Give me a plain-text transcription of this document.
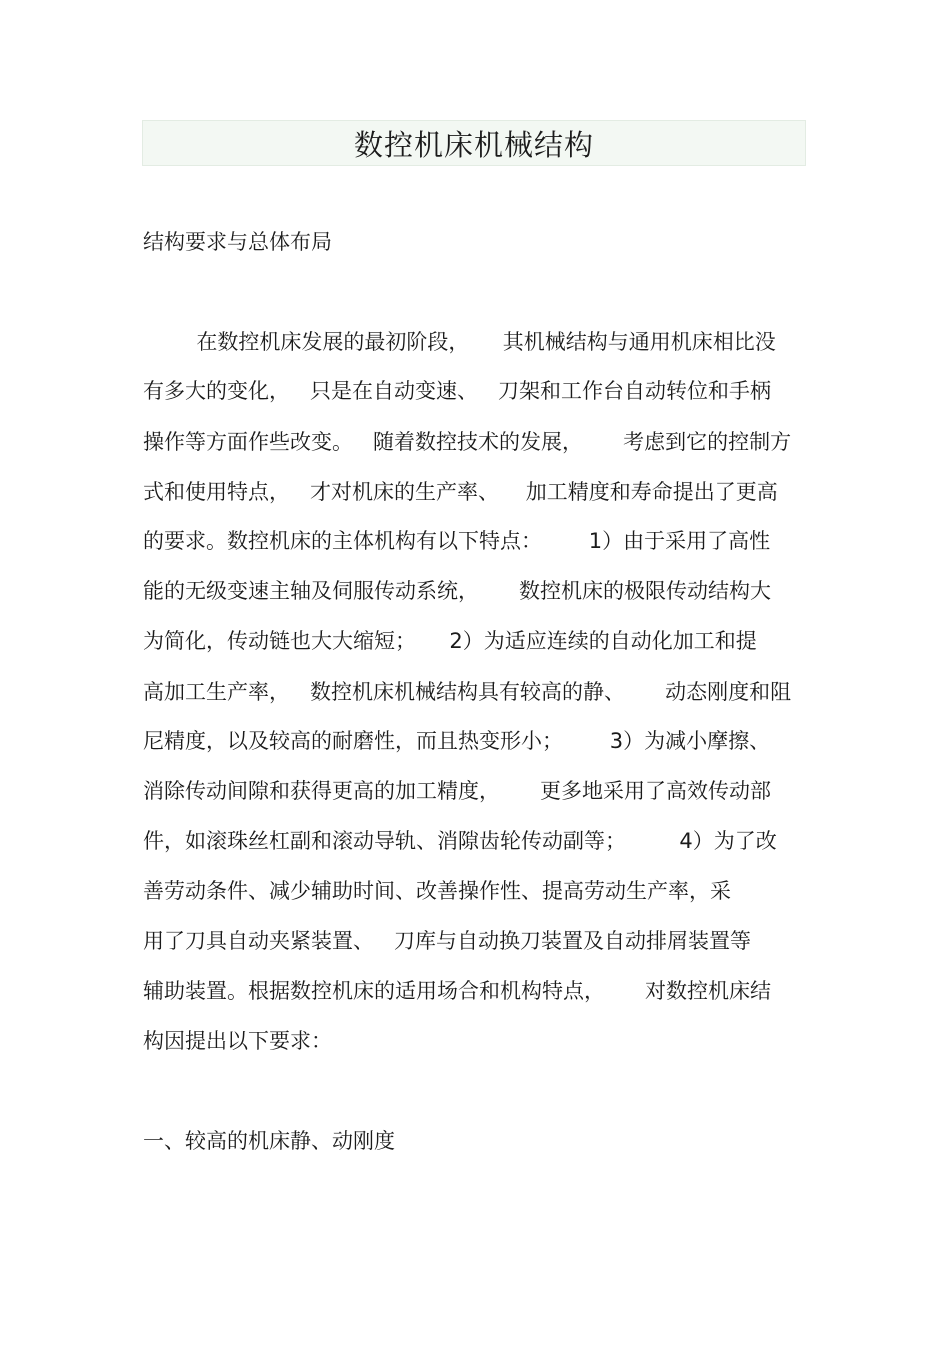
数控机床机械结构
结构要求与总体布局
在数控机床发展的最初阶段，     其机械结构与通用机床相比没
有多大的变化，   只是在自动变速、   刀架和工作台自动转位和手柄
操作等方面作些改变。   随着数控技术的发展，      考虑到它的控制方
式和使用特点，   才对机床的生产率、    加工精度和寿命提出了更高
的要求。数控机床的主体机构有以下特点：       1）由于采用了高性
能的无级变速主轴及伺服传动系统，      数控机床的极限传动结构大
为简化，传动链也大大缩短；     2）为适应连续的自动化加工和提
高加工生产率，   数控机床机械结构具有较高的静、      动态刚度和阻
尼精度，以及较高的耐磨性，而且热变形小；       3）为减小摩擦、
消除传动间隙和获得更高的加工精度，      更多地采用了高效传动部
件，如滚珠丝杠副和滚动导轨、消隙齿轮传动副等；        4）为了改
善劳动条件、减少辅助时间、改善操作性、提高劳动生产率，采
用了刀具自动夹紧装置、   刀库与自动换刀装置及自动排屑装置等
辅助装置。根据数控机床的适用场合和机构特点，      对数控机床结
构因提出以下要求：
一、较高的机床静、动刚度
